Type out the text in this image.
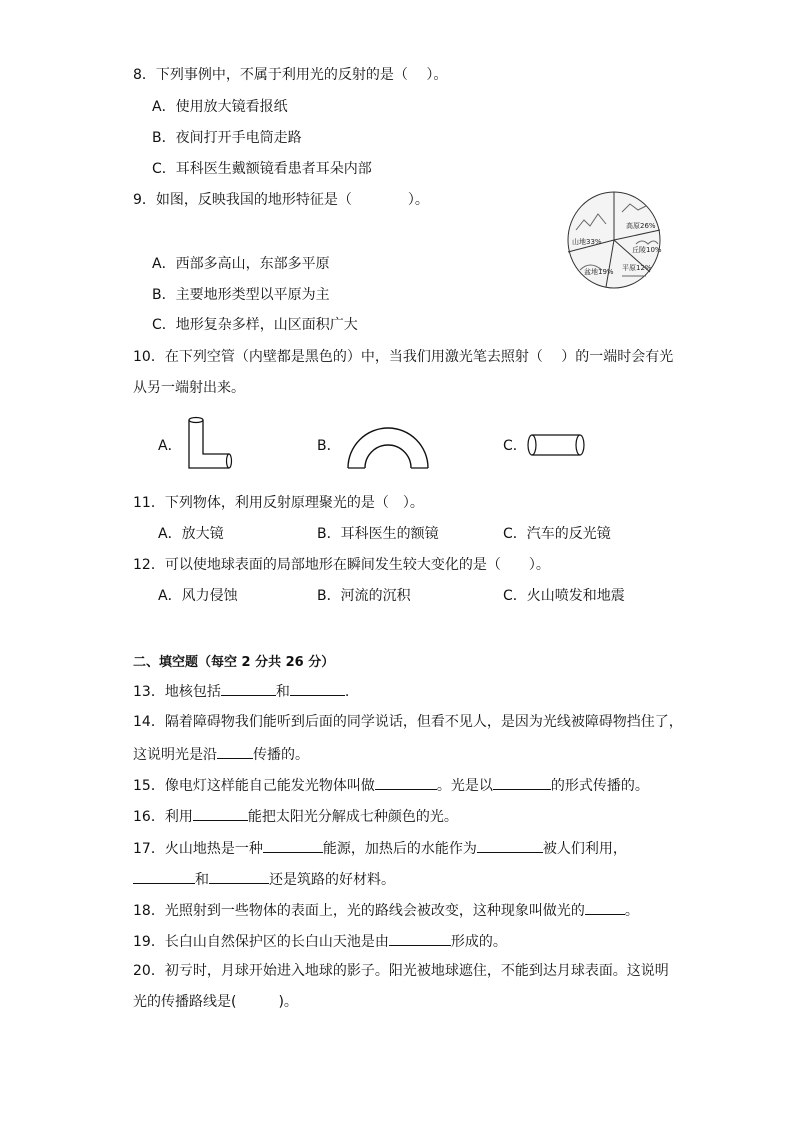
8．下列事例中，不属于利用光的反射的是（　 ）。
A．使用放大镜看报纸
B．夜间打开手电筒走路
C．耳科医生戴额镜看患者耳朵内部
9．如图，反映我国的地形特征是（　　　　）。
山地33%
高原26%
丘陵10%
盆地19% 平原12%
A．西部多高山，东部多平原
B．主要地形类型以平原为主
C．地形复杂多样，山区面积广大
10．在下列空管（内壁都是黑色的）中，当我们用激光笔去照射（　 ）的一端时会有光
从另一端射出来。
A．	B．	C．
11．下列物体，利用反射原理聚光的是（　）。
A．放大镜	B．耳科医生的额镜	C．汽车的反光镜
12．可以使地球表面的局部地形在瞬间发生较大变化的是（　　）。
A．风力侵蚀	B．河流的沉积	C．火山喷发和地震
二、填空题（每空 2 分共 26 分）
13．地核包括	和	.
14．隔着障碍物我们能听到后面的同学说话，但看不见人，是因为光线被障碍物挡住了，
这说明光是沿	传播的。
15．像电灯这样能自己能发光物体叫做	。光是以	的形式传播的。
16．利用	能把太阳光分解成七种颜色的光。
17．火山地热是一种	能源，加热后的水能作为	被人们利用，
和	还是筑路的好材料。
18．光照射到一些物体的表面上，光的路线会被改变，这种现象叫做光的	。
19．长白山自然保护区的长白山天池是由	形成的。
20．初亏时，月球开始进入地球的影子。阳光被地球遮住，不能到达月球表面。这说明
光的传播路线是(　　　)。
